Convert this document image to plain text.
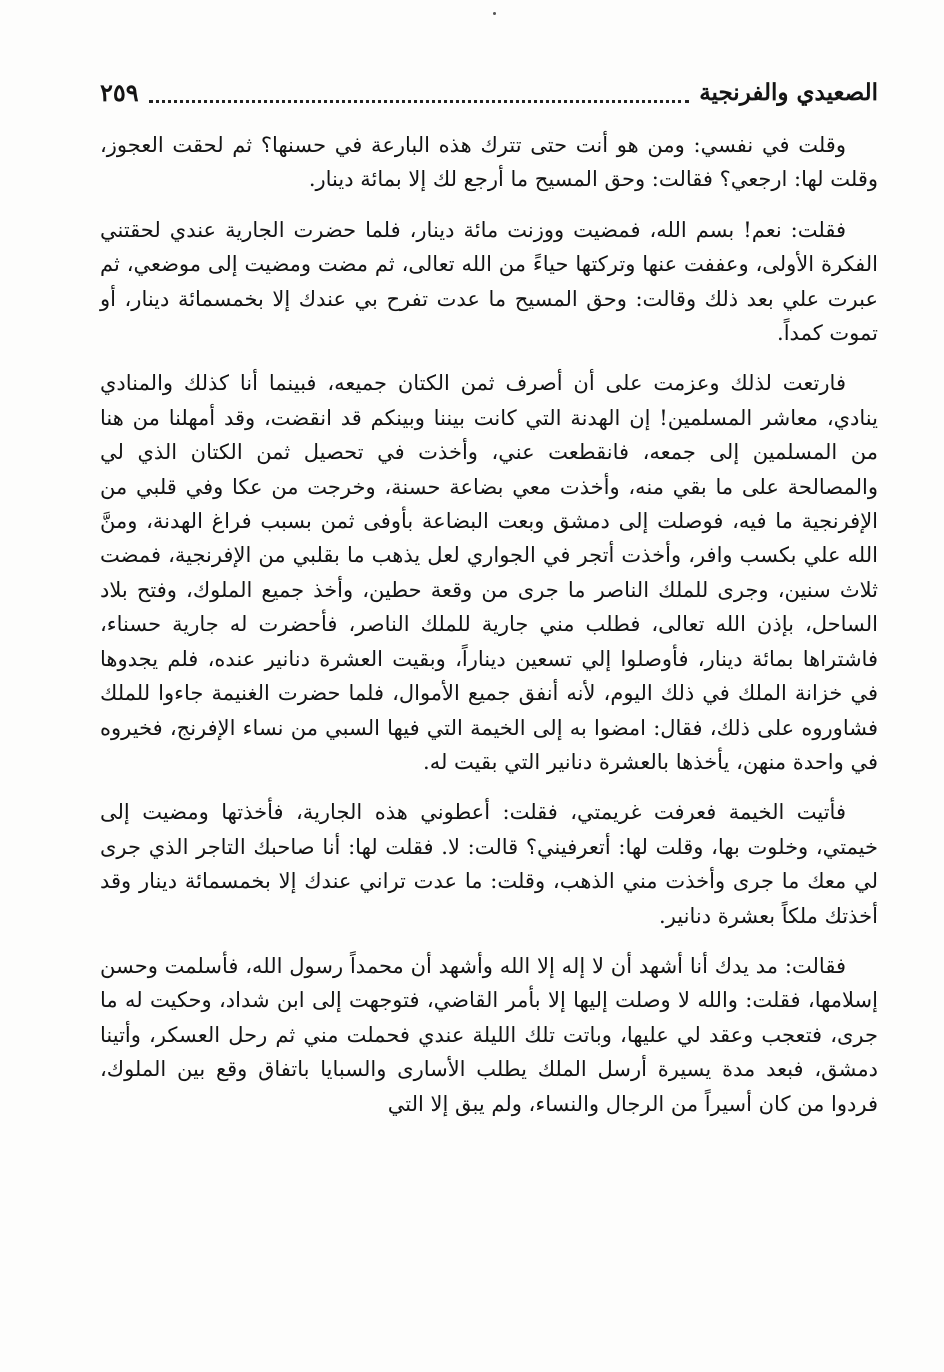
الصعيدي والفرنجية
٢٥٩

وقلت في نفسي: ومن هو أنت حتى تترك هذه البارعة في حسنها؟ ثم لحقت العجوز، وقلت لها: ارجعي؟ فقالت: وحق المسيح ما أرجع لك إلا بمائة دينار.

فقلت: نعم! بسم الله، فمضيت ووزنت مائة دينار، فلما حضرت الجارية عندي لحقتني الفكرة الأولى، وعففت عنها وتركتها حياءً من الله تعالى، ثم مضت ومضيت إلى موضعي، ثم عبرت علي بعد ذلك وقالت: وحق المسيح ما عدت تفرح بي عندك إلا بخمسمائة دينار، أو تموت كمداً.

فارتعت لذلك وعزمت على أن أصرف ثمن الكتان جميعه، فبينما أنا كذلك والمنادي ينادي، معاشر المسلمين! إن الهدنة التي كانت بيننا وبينكم قد انقضت، وقد أمهلنا من هنا من المسلمين إلى جمعه، فانقطعت عني، وأخذت في تحصيل ثمن الكتان الذي لي والمصالحة على ما بقي منه، وأخذت معي بضاعة حسنة، وخرجت من عكا وفي قلبي من الإفرنجية ما فيه، فوصلت إلى دمشق وبعت البضاعة بأوفى ثمن بسبب فراغ الهدنة، ومنَّ الله علي بكسب وافر، وأخذت أتجر في الجواري لعل يذهب ما بقلبي من الإفرنجية، فمضت ثلاث سنين، وجرى للملك الناصر ما جرى من وقعة حطين، وأخذ جميع الملوك، وفتح بلاد الساحل، بإذن الله تعالى، فطلب مني جارية للملك الناصر، فأحضرت له جارية حسناء، فاشتراها بمائة دينار، فأوصلوا إلي تسعين ديناراً، وبقيت العشرة دنانير عنده، فلم يجدوها في خزانة الملك في ذلك اليوم، لأنه أنفق جميع الأموال، فلما حضرت الغنيمة جاءوا للملك فشاوروه على ذلك، فقال: امضوا به إلى الخيمة التي فيها السبي من نساء الإفرنج، فخيروه في واحدة منهن، يأخذها بالعشرة دنانير التي بقيت له.

فأتيت الخيمة فعرفت غريمتي، فقلت: أعطوني هذه الجارية، فأخذتها ومضيت إلى خيمتي، وخلوت بها، وقلت لها: أتعرفيني؟ قالت: لا. فقلت لها: أنا صاحبك التاجر الذي جرى لي معك ما جرى وأخذت مني الذهب، وقلت: ما عدت تراني عندك إلا بخمسمائة دينار وقد أخذتك ملكاً بعشرة دنانير.

فقالت: مد يدك أنا أشهد أن لا إله إلا الله وأشهد أن محمداً رسول الله، فأسلمت وحسن إسلامها، فقلت: والله لا وصلت إليها إلا بأمر القاضي، فتوجهت إلى ابن شداد، وحكيت له ما جرى، فتعجب وعقد لي عليها، وباتت تلك الليلة عندي فحملت مني ثم رحل العسكر، وأتينا دمشق، فبعد مدة يسيرة أرسل الملك يطلب الأسارى والسبايا باتفاق وقع بين الملوك، فردوا من كان أسيراً من الرجال والنساء، ولم يبق إلا التي
